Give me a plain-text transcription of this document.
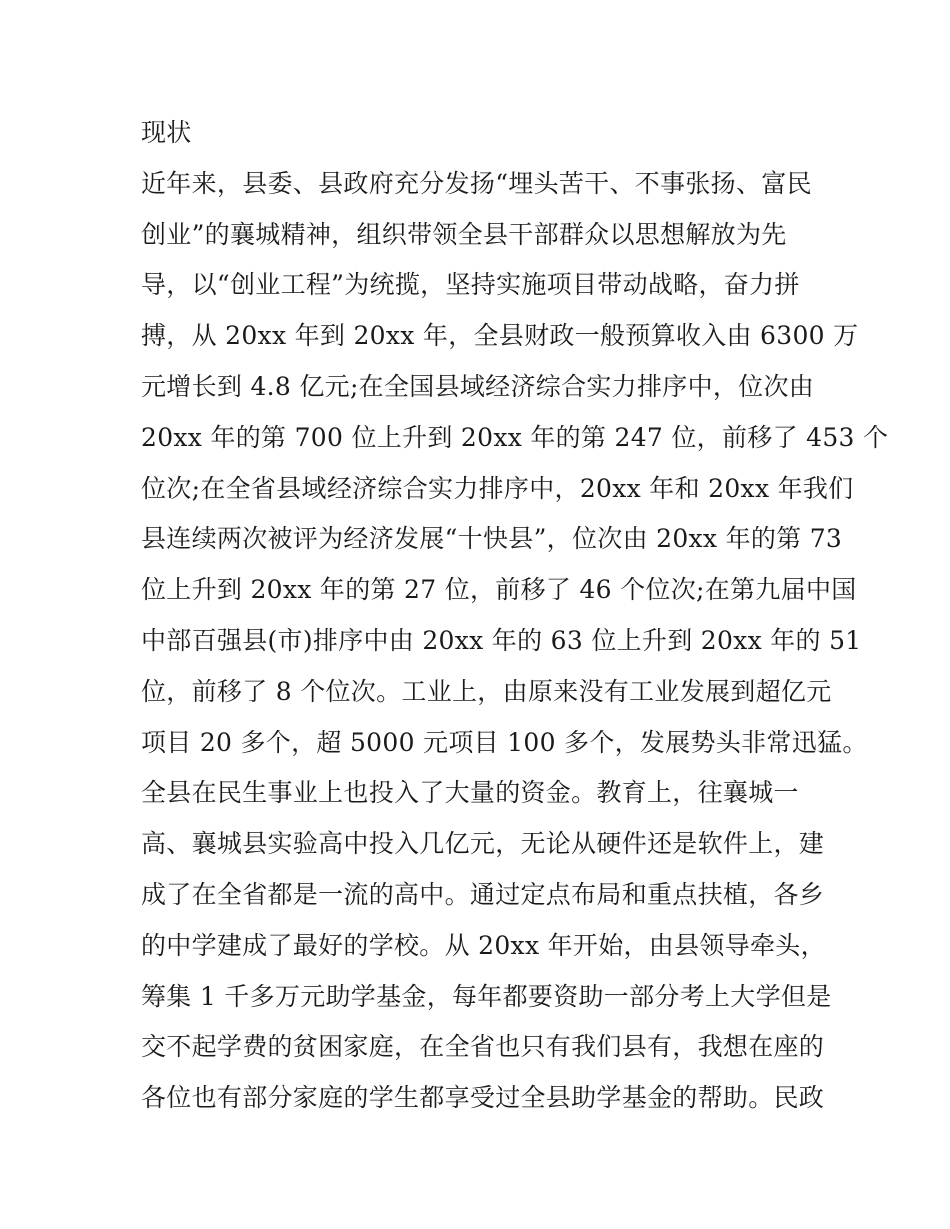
现状
近年来，县委、县政府充分发扬“埋头苦干、不事张扬、富民
创业”的襄城精神，组织带领全县干部群众以思想解放为先
导，以“创业工程”为统揽，坚持实施项目带动战略，奋力拼
搏，从 20xx 年到 20xx 年，全县财政一般预算收入由 6300 万
元增长到 4.8 亿元;在全国县域经济综合实力排序中，位次由
20xx 年的第 700 位上升到 20xx 年的第 247 位，前移了 453 个
位次;在全省县域经济综合实力排序中，20xx 年和 20xx 年我们
县连续两次被评为经济发展“十快县”，位次由 20xx 年的第 73
位上升到 20xx 年的第 27 位，前移了 46 个位次;在第九届中国
中部百强县(市)排序中由 20xx 年的 63 位上升到 20xx 年的 51
位，前移了 8 个位次。工业上，由原来没有工业发展到超亿元
项目 20 多个，超 5000 元项目 100 多个，发展势头非常迅猛。
全县在民生事业上也投入了大量的资金。教育上，往襄城一
高、襄城县实验高中投入几亿元，无论从硬件还是软件上，建
成了在全省都是一流的高中。通过定点布局和重点扶植，各乡
的中学建成了最好的学校。从 20xx 年开始，由县领导牵头，
筹集 1 千多万元助学基金，每年都要资助一部分考上大学但是
交不起学费的贫困家庭，在全省也只有我们县有，我想在座的
各位也有部分家庭的学生都享受过全县助学基金的帮助。民政
